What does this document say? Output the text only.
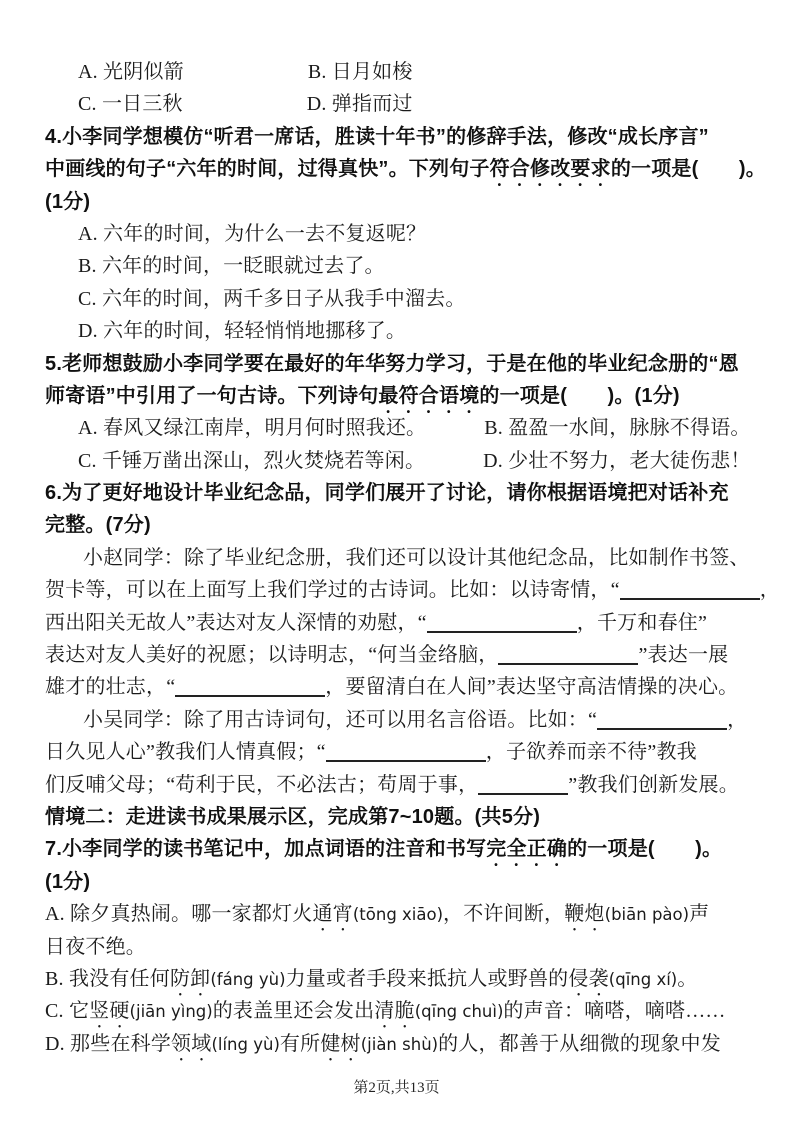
A. 光阴似箭	B. 日月如梭
C. 一日三秋	D. 弹指而过
4.小李同学想模仿“听君一席话，胜读十年书”的修辞手法，修改“成长序言”
中画线的句子“六年的时间，过得真快”。下列句子符合修改要求的一项是(　　)。
(1分)
A. 六年的时间，为什么一去不复返呢？
B. 六年的时间，一眨眼就过去了。
C. 六年的时间，两千多日子从我手中溜去。
D. 六年的时间，轻轻悄悄地挪移了。
5.老师想鼓励小李同学要在最好的年华努力学习，于是在他的毕业纪念册的“恩
师寄语”中引用了一句古诗。下列诗句最符合语境的一项是(　　)。(1分)
A. 春风又绿江南岸，明月何时照我还。	B. 盈盈一水间，脉脉不得语。
C. 千锤万凿出深山，烈火焚烧若等闲。	D. 少壮不努力，老大徒伤悲！
6.为了更好地设计毕业纪念品，同学们展开了讨论，请你根据语境把对话补充
完整。(7分)
小赵同学：除了毕业纪念册，我们还可以设计其他纪念品，比如制作书签、
贺卡等，可以在上面写上我们学过的古诗词。比如：以诗寄情，“	，
西出阳关无故人”表达对友人深情的劝慰，“	，千万和春住”
表达对友人美好的祝愿；以诗明志，“何当金络脑，	”表达一展
雄才的壮志，“	，要留清白在人间”表达坚守高洁情操的决心。
小吴同学：除了用古诗词句，还可以用名言俗语。比如：“	，
日久见人心”教我们人情真假；“	，子欲养而亲不待”教我
们反哺父母；“苟利于民，不必法古；苟周于事，	”教我们创新发展。
情境二：走进读书成果展示区，完成第7~10题。(共5分)
7.小李同学的读书笔记中，加点词语的注音和书写完全正确的一项是(　　)。
(1分)
A. 除夕真热闹。哪一家都灯火通宵(tōng xiāo)，不许间断，鞭炮(biān pào)声
日夜不绝。
B. 我没有任何防卸(fáng yù)力量或者手段来抵抗人或野兽的侵袭(qīng xí)。
C. 它竖硬(jiān yìng)的表盖里还会发出清脆(qīng chuì)的声音：嘀嗒，嘀嗒……
D. 那些在科学领域(líng yù)有所健树(jiàn shù)的人，都善于从细微的现象中发
第2页,共13页
